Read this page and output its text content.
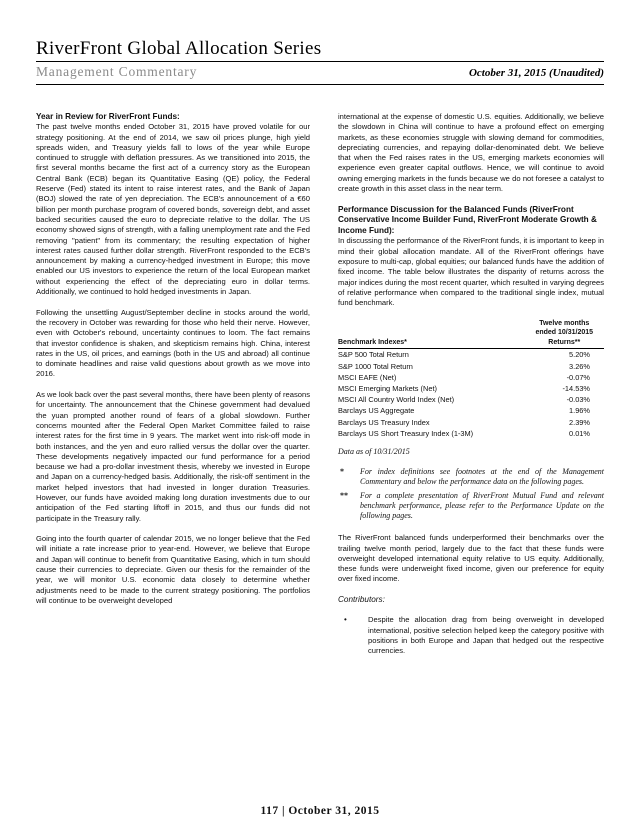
RiverFront Global Allocation Series
Management Commentary	October 31, 2015 (Unaudited)
Year in Review for RiverFront Funds:

The past twelve months ended October 31, 2015 have proved volatile for our strategy positioning. At the end of 2014, we saw oil prices plunge, high yield spreads widen, and Treasury yields fall to lows of the year while Europe continued to struggle with deflation pressures. As we transitioned into 2015, the first several months became the first act of a currency story as the European Central Bank (ECB) began its Quantitative Easing (QE) policy, the Federal Reserve (Fed) stated its intent to raise interest rates, and the Bank of Japan (BOJ) slowed the rate of yen depreciation. The ECB's announcement of a €60 billion per month purchase program of covered bonds, sovereign debt, and asset backed securities caused the euro to depreciate relative to the dollar. The US economy showed signs of strength, with a falling unemployment rate and the Fed removing "patient" from its commentary; the resulting expectation of higher interest rates caused further dollar strength. RiverFront responded to the ECB's announcement by making a currency-hedged investment in Europe; this move enabled our US investors to experience the return of the local European market without experiencing the effect of the depreciating euro in dollar terms. Additionally, we continued to hold hedged investments in Japan.

Following the unsettling August/September decline in stocks around the world, the recovery in October was rewarding for those who held their nerve. However, even with October's rebound, uncertainty continues to loom. The fact remains that investor confidence is shaken, and skepticism remains high. China, interest rates in the US, oil prices, and earnings (both in the US and abroad) all continue to dominate headlines and raise valid questions about growth as we move into 2016.

As we look back over the past several months, there have been plenty of reasons for uncertainty. The announcement that the Chinese government had devalued the yuan prompted another round of fears of a global slowdown. Further concerns mounted after the Federal Open Market Committee failed to raise interest rates for the first time in 9 years. The market went into risk-off mode in both instances, and the yen and euro rallied versus the dollar over the quarter. These developments negatively impacted our fund performance for a period because we had a pro-dollar investment thesis, whereby we invested in Europe and Japan on a currency-hedged basis. Additionally, the risk-off sentiment in the market helped investors that had invested in longer duration Treasuries. However, our funds have avoided making long duration investments due to our anticipation of the Fed starting liftoff in 2015, and thus our funds did not participate in the Treasury rally.

Going into the fourth quarter of calendar 2015, we no longer believe that the Fed will initiate a rate increase prior to year-end. However, we believe that Europe and Japan will continue to benefit from Quantitative Easing, which in turn should cause their currencies to depreciate. Given our thesis for the remainder of the year, we will monitor U.S. economic data closely to determine whether adjustments need to be made to the current strategy positioning. The portfolios will continue to be overweight developed

international at the expense of domestic U.S. equities. Additionally, we believe the slowdown in China will continue to have a profound effect on emerging markets, as these economies struggle with slowing demand for commodities, depreciating currencies, and repaying dollar-denominated debt. We believe that when the Fed raises rates in the US, emerging markets economies will experience even greater capital outflows. Hence, we will continue to avoid owning emerging markets in the funds because we do not foresee a catalyst to create growth in this asset class in the near term.

Performance Discussion for the Balanced Funds (RiverFront Conservative Income Builder Fund, RiverFront Moderate Growth & Income Fund):

In discussing the performance of the RiverFront funds, it is important to keep in mind their global allocation mandate. All of the RiverFront offerings have exposure to multi-cap, global equities; our balanced funds have the addition of fixed income. The table below illustrates the disparity of returns across the major indices during the most recent quarter, which resulted in varying degrees of relative performance when compared to the traditional single index, mutual fund benchmark.

Benchmark Indexes*	Twelve months
ended 10/31/2015
Returns**

S&P 500 Total Return	5.20%
S&P 1000 Total Return	3.26%
MSCI EAFE (Net)	-0.07%
MSCI Emerging Markets (Net)	-14.53%
MSCI All Country World Index (Net)	-0.03%
Barclays US Aggregate	1.96%
Barclays US Treasury Index	2.39%
Barclays US Short Treasury Index (1-3M)	0.01%
Data as of 10/31/2015
*	For index definitions see footnotes at the end of the Management Commentary and below the performance data on the following pages.
**	For a complete presentation of RiverFront Mutual Fund and relevant benchmark performance, please refer to the Performance Update on the following pages.

The RiverFront balanced funds underperformed their benchmarks over the trailing twelve month period, largely due to the fact that these funds were overweight developed international equity relative to US equity. Additionally, these funds were underweight fixed income, given our preference for equity over fixed income.

Contributors:
•	Despite the allocation drag from being overweight in developed international, positive selection helped keep the category positive with positions in both Europe and Japan that hedged out the respective currencies.
117 | October 31, 2015
